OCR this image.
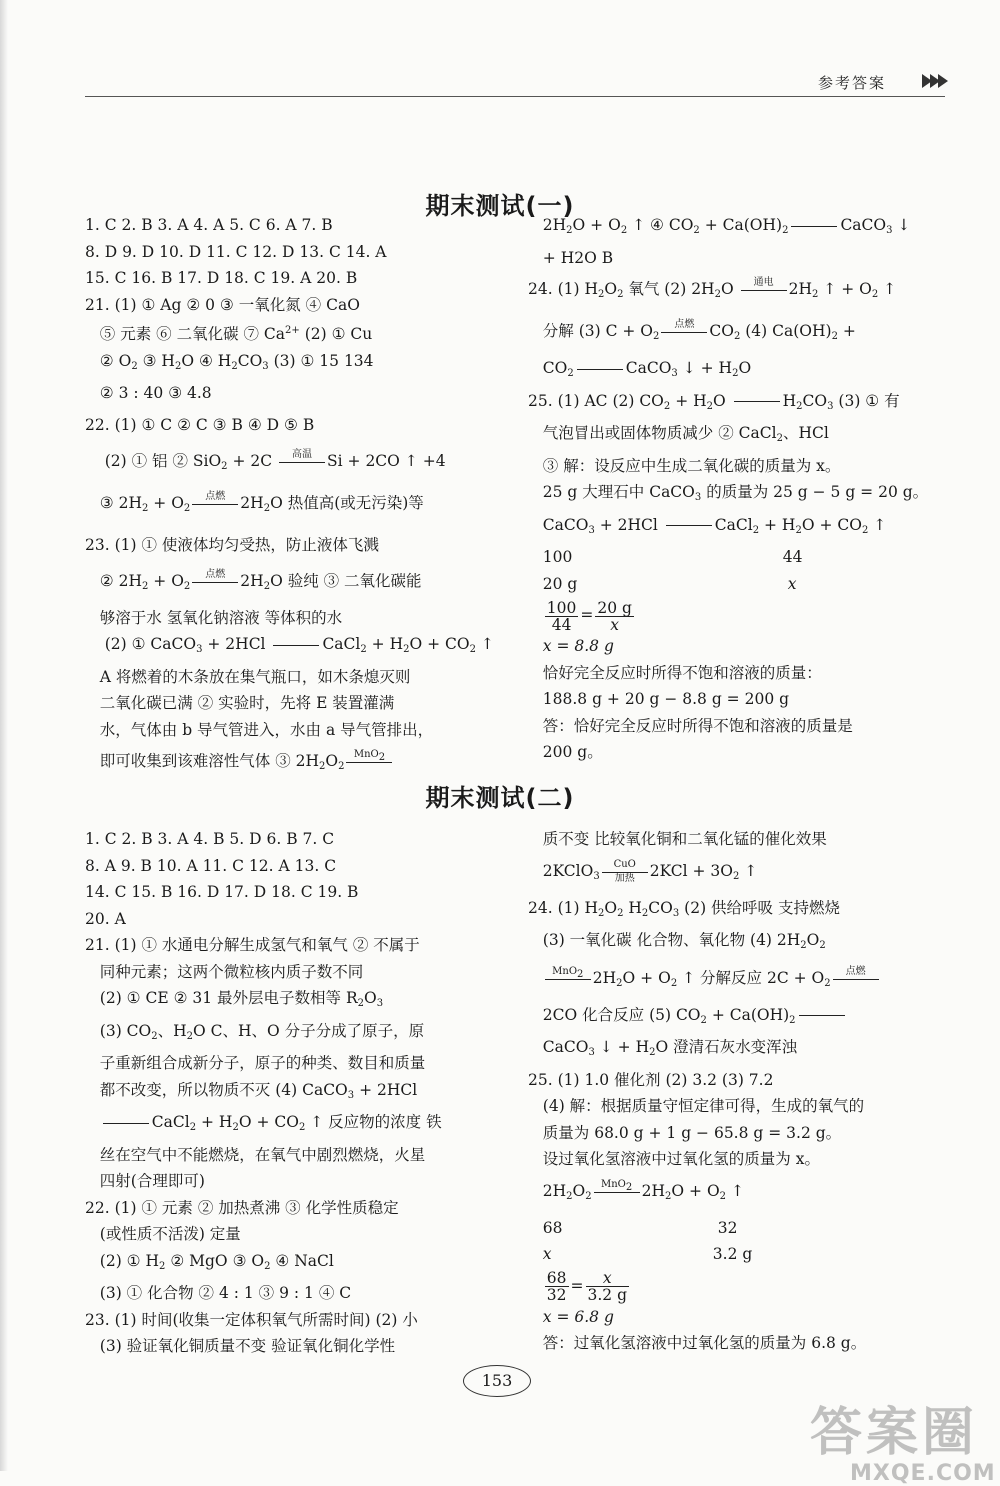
参考答案
期末测试(一)

1. C 2. B 3. A 4. A 5. C 6. A 7. B

8. D 9. D 10. D 11. C 12. D 13. C 14. A

15. C 16. B 17. D 18. C 19. A 20. B

21. (1) ① Ag ② 0 ③ 一氧化氮 ④ CaO

⑤ 元素 ⑥ 二氧化碳 ⑦ $Ca^{2+}$ (2) ① Cu

② $O_2$ ③ $H_2O$ ④ $H_2CO_3$ (3) ① 15 134

② 3 : 40 ③ 4.8

22. (1) ① C ② C ③ B ④ D ⑤ B

(2) ① 铝 ② SiO$_2$ + 2C	高温 Si + 2CO ↑ +4

③ $2H_2 + O_2$
点燃 $2H_2O$ 热值高(或无污染)等

23. (1) ① 使液体均匀受热，防止液体飞溅

② $2H_2 + O_2$
点燃 $2H_2O$ 验纯 ③ 二氧化碳能

够溶于水 氢氧化钠溶液 等体积的水

(2) ① CaCO$_3$ + 2HCl	CaCl$_2$ + $H_2O + CO_2$ ↑

A 将燃着的木条放在集气瓶口，如木条熄灭则

二氧化碳已满 ② 实验时，先将 E 装置灌满

水，气体由 b 导气管进入，水由 a 导气管排出，

即可收集到该难溶性气体 ③ $2H_2O_2$
MnO2

$2H_2O + O_2$ ↑ ④ $CO_2 + Ca(OH)_2$	CaCO$_3$ ↓

+ H2O B

24. (1) $H_2O_2$ 氧气 (2) $2H_2O$	通电 $2H_2$ ↑ + $O_2$ ↑

分解 (3) $C + O_2$
点燃 $CO_2$ (4) $Ca(OH)_2$ +

$CO_2$	CaCO$_3$ ↓ + $H_2O$

25. (1) AC (2) $CO_2 + H_2O$	$H_2CO_3$ (3) ① 有

气泡冒出或固体物质减少 ② CaCl$_2$、HCl

③ 解：设反应中生成二氧化碳的质量为 x。

25 g 大理石中 CaCO$_3$ 的质量为 25 g − 5 g = 20 g。

CaCO$_3$ + 2HCl	CaCl$_2$ + $H_2O + CO_2$ ↑

100	44

20 g	x

$\frac{100}{44} = \frac{20 g}{x}$

x = 8.8 g

恰好完全反应时所得不饱和溶液的质量：

188.8 g + 20 g − 8.8 g = 200 g

答：恰好完全反应时所得不饱和溶液的质量是

200 g。

期末测试(二)

1. C 2. B 3. A 4. B 5. D 6. B 7. C

8. A 9. B 10. A 11. C 12. A 13. C

14. C 15. B 16. D 17. D 18. C 19. B

20. A

21. (1) ① 水通电分解生成氢气和氧气 ② 不属于

同种元素；这两个微粒核内质子数不同

(2) ① CE ② 31 最外层电子数相等 $R_2O_3$

(3) $CO_2$、$H_2O$ C、H、O 分子分成了原子，原

子重新组合成新分子，原子的种类、数目和质量

都不改变，所以物质不灭 (4) CaCO$_3$ + 2HCl

CaCl$_2$ + $H_2O + CO_2$ ↑ 反应物的浓度 铁

丝在空气中不能燃烧，在氧气中剧烈燃烧，火星

四射(合理即可)

22. (1) ① 元素 ② 加热煮沸 ③ 化学性质稳定

(或性质不活泼) 定量

(2) ① $H_2$ ② MgO ③ $O_2$ ④ NaCl

(3) ① 化合物 ② 4 : 1 ③ 9 : 1 ④ C

23. (1) 时间(收集一定体积氧气所需时间) (2) 小

(3) 验证氧化铜质量不变 验证氧化铜化学性

质不变 比较氧化铜和二氧化锰的催化效果

2KClO$_3$
CuO
加热 $2KCl + 3O_2$ ↑

24. (1) $H_2O_2$ $H_2CO_3$ (2) 供给呼吸 支持燃烧

(3) 一氧化碳 化合物、氧化物 (4) $2H_2O_2$

MnO2 $2H_2O + O_2$ ↑ 分解反应 $2C + O_2$
点燃

2CO 化合反应 (5) $CO_2 + Ca(OH)_2$

CaCO$_3$ ↓ + $H_2O$ 澄清石灰水变浑浊

25. (1) 1.0 催化剂 (2) 3.2 (3) 7.2

(4) 解：根据质量守恒定律可得，生成的氧气的

质量为 68.0 g + 1 g − 65.8 g = 3.2 g。

设过氧化氢溶液中过氧化氢的质量为 x。

$2H_2O_2$
MnO2 $2H_2O + O_2$ ↑

68	32

x	3.2 g

$\frac{68}{32} = \frac{x}{3.2 g}$

x = 6.8 g

答：过氧化氢溶液中过氧化氢的质量为 6.8 g。

153
答案圈
MXQE.COM
